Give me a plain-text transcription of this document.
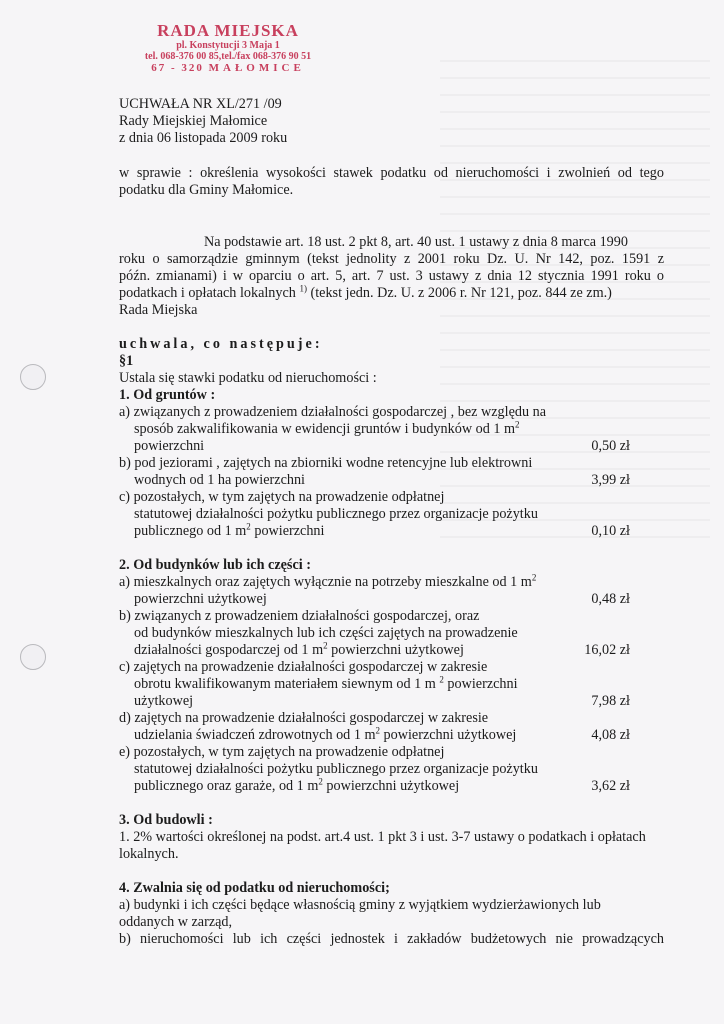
RADA MIEJSKA
pl. Konstytucji 3 Maja 1
tel. 068-376 00 85,tel./fax 068-376 90 51
67 - 320 MAŁOMICE
UCHWAŁA NR XL/271 /09
Rady Miejskiej Małomice
z dnia 06 listopada 2009 roku
w sprawie : określenia wysokości stawek podatku od nieruchomości i zwolnień od tego
podatku dla Gminy Małomice.
Na podstawie art. 18 ust. 2 pkt 8, art. 40 ust. 1 ustawy z dnia 8 marca 1990
roku o samorządzie gminnym (tekst jednolity z 2001 roku Dz. U. Nr 142, poz. 1591 z
późn. zmianami) i w oparciu o art. 5, art. 7 ust. 3 ustawy z dnia 12 stycznia 1991 roku o
podatkach i opłatach lokalnych $^{1)}$ (tekst jedn. Dz. U. z 2006 r. Nr 121, poz. 844 ze zm.)
Rada Miejska
uchwala, co następuje:
§1
Ustala się stawki podatku od nieruchomości :
1. Od gruntów :
a) związanych z prowadzeniem działalności gospodarczej , bez względu na
sposób zakwalifikowania w ewidencji gruntów i budynków od 1 $m^2$
powierzchni	0,50 zł
b) pod jeziorami , zajętych na zbiorniki wodne retencyjne lub elektrowni
wodnych od 1 ha powierzchni	3,99 zł
c) pozostałych, w tym zajętych na prowadzenie odpłatnej
statutowej działalności pożytku publicznego przez organizacje pożytku
publicznego od 1 $m^2$ powierzchni	0,10 zł
2. Od budynków lub ich części :
a) mieszkalnych oraz zajętych wyłącznie na potrzeby mieszkalne od 1 $m^2$
powierzchni użytkowej	0,48 zł
b) związanych z prowadzeniem działalności gospodarczej, oraz
od budynków mieszkalnych lub ich części zajętych na prowadzenie
działalności gospodarczej od 1 $m^2$ powierzchni użytkowej	16,02 zł
c) zajętych na prowadzenie działalności gospodarczej w zakresie
obrotu kwalifikowanym materiałem siewnym od 1 m $^2$ powierzchni
użytkowej	7,98 zł
d) zajętych na prowadzenie działalności gospodarczej w zakresie
udzielania świadczeń zdrowotnych od 1 $m^2$ powierzchni użytkowej	4,08 zł
e) pozostałych, w tym zajętych na prowadzenie odpłatnej
statutowej działalności pożytku publicznego przez organizacje pożytku
publicznego oraz garaże, od 1 $m^2$ powierzchni użytkowej	3,62 zł
3. Od budowli :
1. 2% wartości określonej na podst. art.4 ust. 1 pkt 3 i ust. 3-7 ustawy o podatkach i opłatach
lokalnych.
4. Zwalnia się od podatku od nieruchomości;
a) budynki i ich części będące własnością gminy z wyjątkiem wydzierżawionych lub
oddanych w zarząd,
b) nieruchomości lub ich części jednostek i zakładów budżetowych nie prowadzących
